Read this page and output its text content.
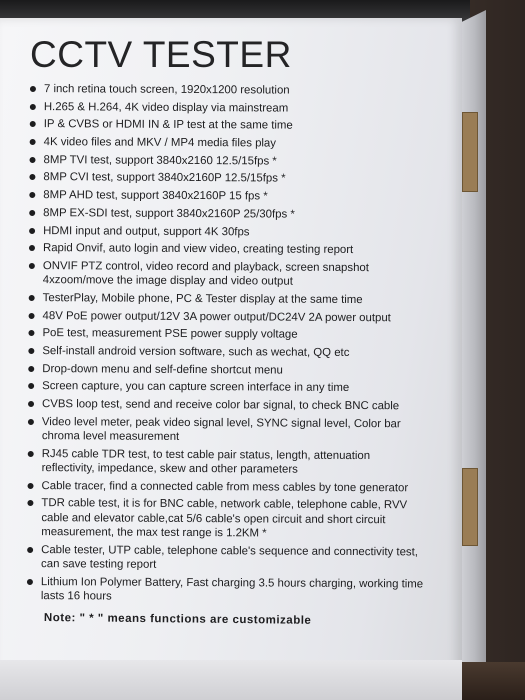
CCTV TESTER
7 inch retina touch screen, 1920x1200 resolution
H.265 & H.264, 4K video display via mainstream
IP & CVBS or HDMI IN & IP test at the same time
4K video files and MKV / MP4 media files play
8MP TVI test, support 3840x2160 12.5/15fps *
8MP CVI test, support 3840x2160P 12.5/15fps *
8MP AHD test, support 3840x2160P 15 fps *
8MP EX-SDI test, support 3840x2160P 25/30fps *
HDMI input and output, support 4K 30fps
Rapid Onvif, auto login and view video, creating testing report
ONVIF PTZ control, video record and playback, screen snapshot
4xzoom/move the image display and video output
TesterPlay, Mobile phone, PC & Tester display at the same time
48V PoE power output/12V 3A power output/DC24V 2A power output
PoE test, measurement PSE power supply voltage
Self-install android version software, such as wechat, QQ etc
Drop-down menu and self-define shortcut menu
Screen capture, you can capture screen interface in any time
CVBS loop test, send and receive color bar signal, to check BNC cable
Video level meter, peak video signal level, SYNC signal level, Color bar
chroma level measurement
RJ45 cable TDR test, to test cable pair status, length, attenuation
reflectivity, impedance, skew and other parameters
Cable tracer, find a connected cable from mess cables by tone generator
TDR cable test, it is for BNC cable, network cable, telephone cable, RVV
cable and elevator cable,cat 5/6 cable's open circuit and short circuit
measurement, the max test range is 1.2KM *
Cable tester, UTP cable, telephone cable's sequence and connectivity test,
can save testing report
Lithium Ion Polymer Battery, Fast charging 3.5 hours charging, working time
lasts 16 hours
Note: " * " means functions are customizable
